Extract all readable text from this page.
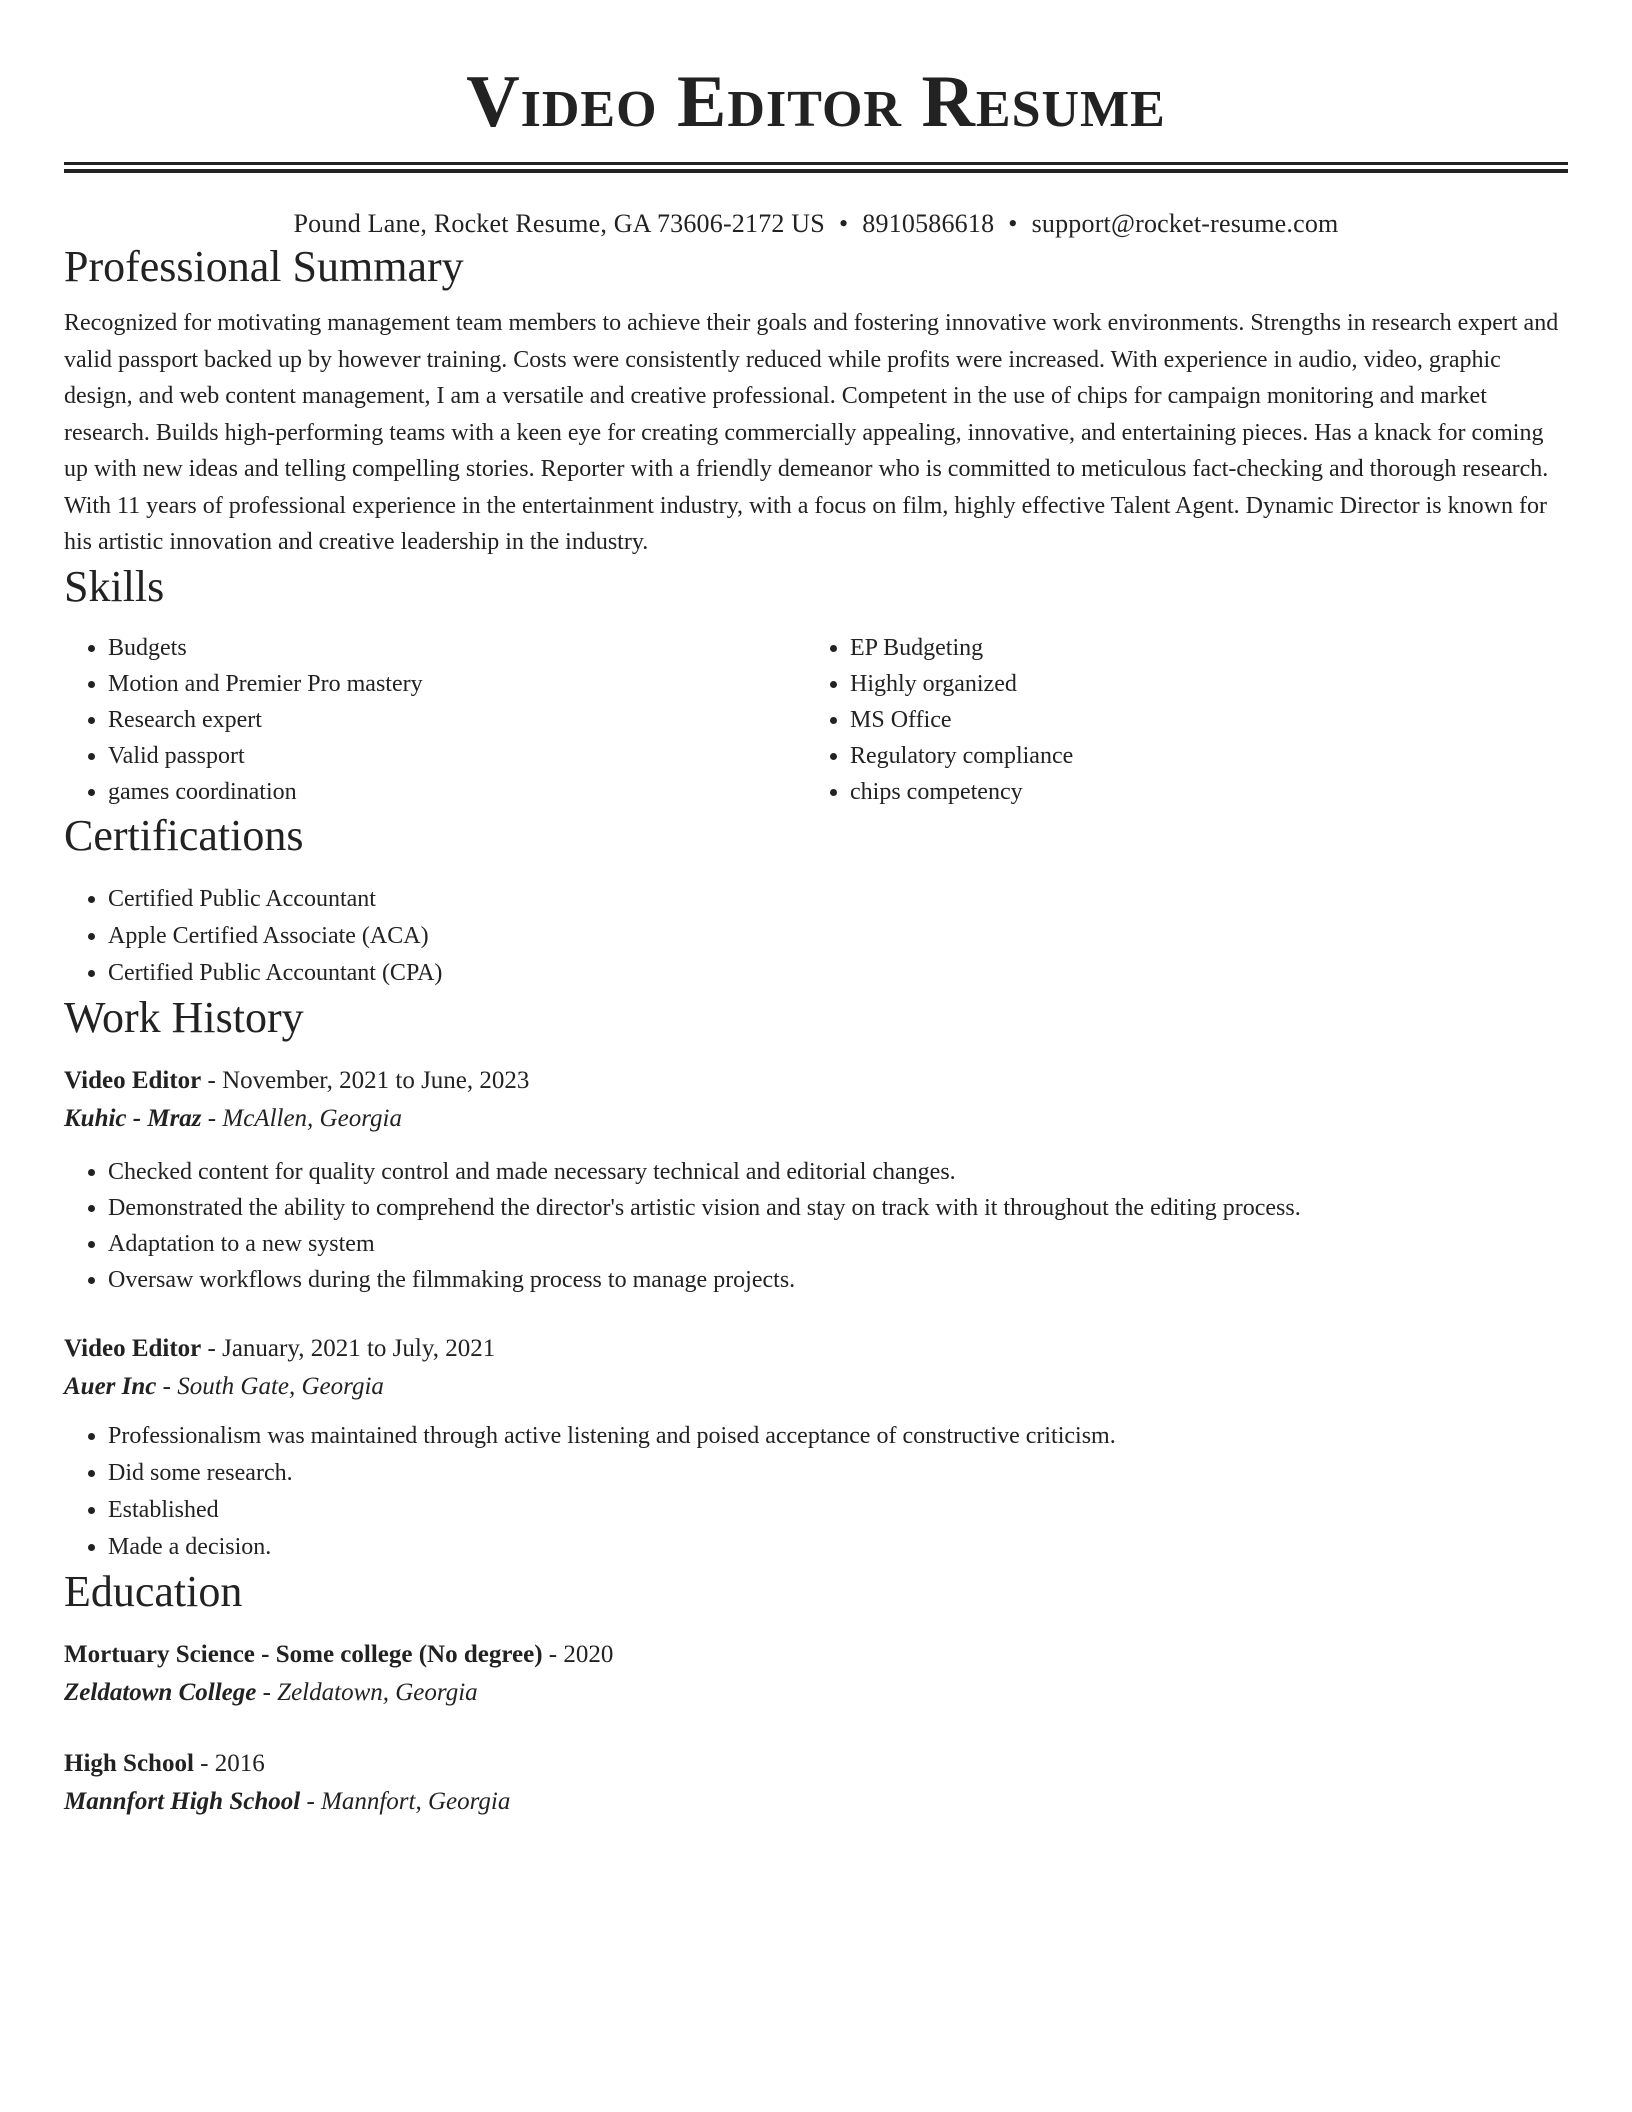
Video Editor Resume
Pound Lane, Rocket Resume, GA 73606-2172 US • 8910586618 • support@rocket-resume.com
Professional Summary

Recognized for motivating management team members to achieve their goals and fostering innovative work environments. Strengths in research expert and valid passport backed up by however training. Costs were consistently reduced while profits were increased. With experience in audio, video, graphic design, and web content management, I am a versatile and creative professional. Competent in the use of chips for campaign monitoring and market research. Builds high-performing teams with a keen eye for creating commercially appealing, innovative, and entertaining pieces. Has a knack for coming up with new ideas and telling compelling stories. Reporter with a friendly demeanor who is committed to meticulous fact-checking and thorough research. With 11 years of professional experience in the entertainment industry, with a focus on film, highly effective Talent Agent. Dynamic Director is known for his artistic innovation and creative leadership in the industry.

Skills
• Budgets
• Motion and Premier Pro mastery
• Research expert
• Valid passport
• games coordination
• EP Budgeting
• Highly organized
• MS Office
• Regulatory compliance
• chips competency
Certifications
• Certified Public Accountant
• Apple Certified Associate (ACA)
• Certified Public Accountant (CPA)
Work History

Video Editor - November, 2021 to June, 2023

Kuhic - Mraz - McAllen, Georgia

• Checked content for quality control and made necessary technical and editorial changes.
• Demonstrated the ability to comprehend the director's artistic vision and stay on track with it throughout the editing process.
• Adaptation to a new system
• Oversaw workflows during the filmmaking process to manage projects.

Video Editor - January, 2021 to July, 2021

Auer Inc - South Gate, Georgia

• Professionalism was maintained through active listening and poised acceptance of constructive criticism.
• Did some research.
• Established
• Made a decision.
Education

Mortuary Science - Some college (No degree) - 2020

Zeldatown College - Zeldatown, Georgia

High School - 2016

Mannfort High School - Mannfort, Georgia
